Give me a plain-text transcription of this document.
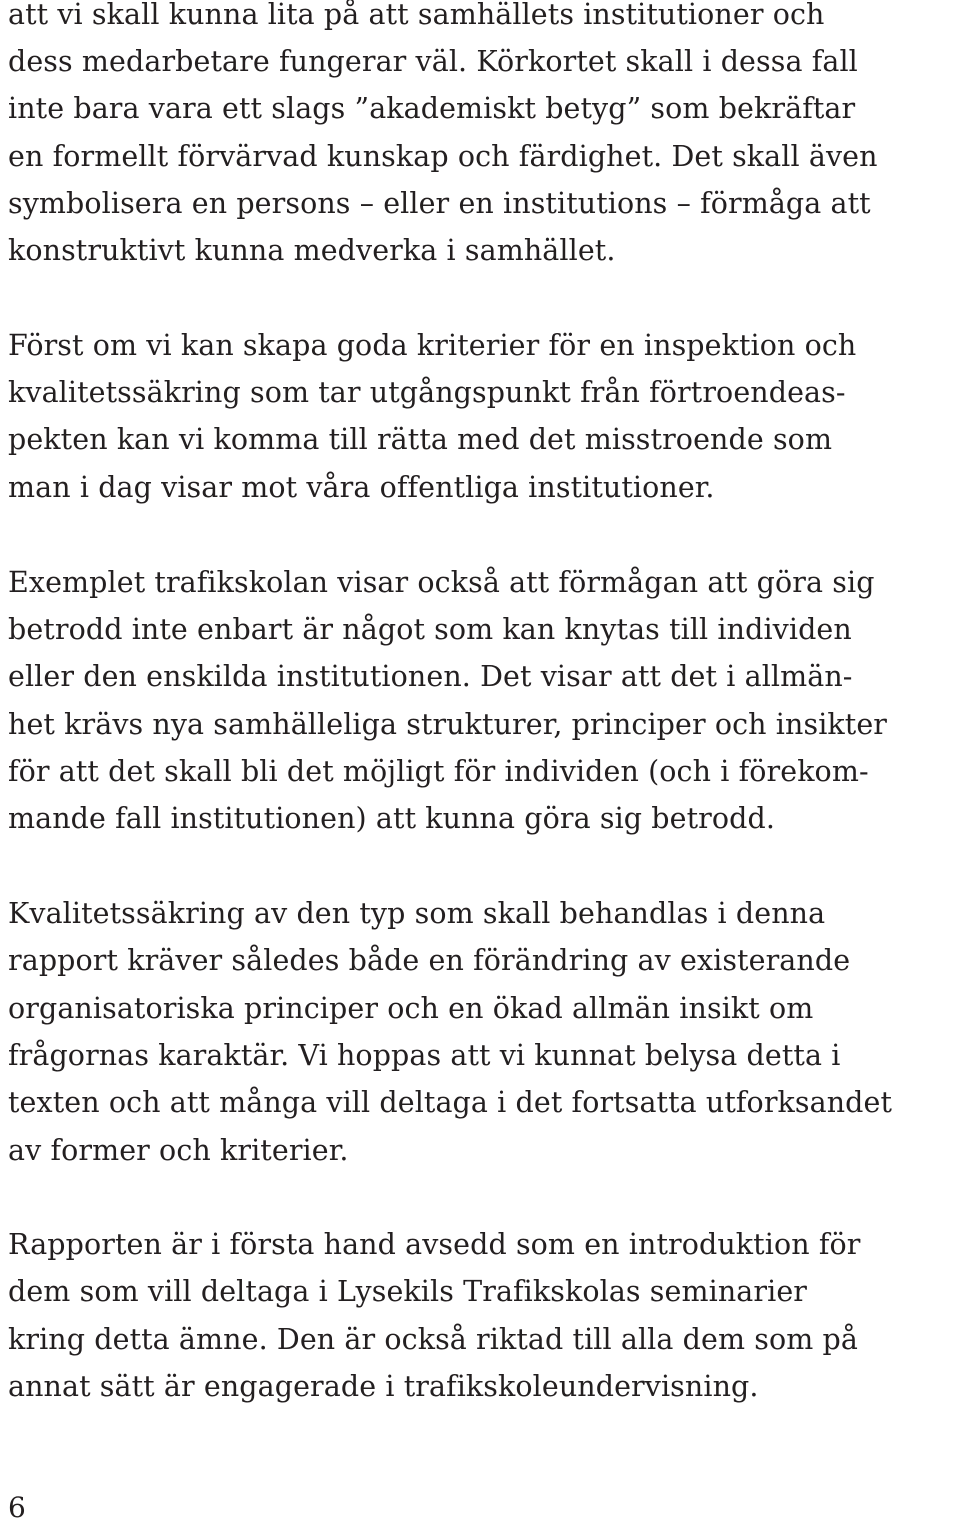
att vi skall kunna lita på att samhällets institutioner och
dess medarbetare fungerar väl. Körkortet skall i dessa fall
inte bara vara ett slags ”akademiskt betyg” som bekräftar
en formellt förvärvad kunskap och färdighet. Det skall även
symbolisera en persons – eller en institutions – förmåga att
konstruktivt kunna medverka i samhället.
Först om vi kan skapa goda kriterier för en inspektion och
kvalitetssäkring som tar utgångspunkt från förtroendeas-
pekten kan vi komma till rätta med det misstroende som
man i dag visar mot våra offentliga institutioner.
Exemplet trafikskolan visar också att förmågan att göra sig
betrodd inte enbart är något som kan knytas till individen
eller den enskilda institutionen. Det visar att det i allmän-
het krävs nya samhälleliga strukturer, principer och insikter
för att det skall bli det möjligt för individen (och i förekom-
mande fall institutionen) att kunna göra sig betrodd.
Kvalitetssäkring av den typ som skall behandlas i denna
rapport kräver således både en förändring av existerande
organisatoriska principer och en ökad allmän insikt om
frågornas karaktär. Vi hoppas att vi kunnat belysa detta i
texten och att många vill deltaga i det fortsatta utforksandet
av former och kriterier.
Rapporten är i första hand avsedd som en introduktion för
dem som vill deltaga i Lysekils Trafikskolas seminarier
kring detta ämne. Den är också riktad till alla dem som på
annat sätt är engagerade i trafikskoleundervisning.
6
